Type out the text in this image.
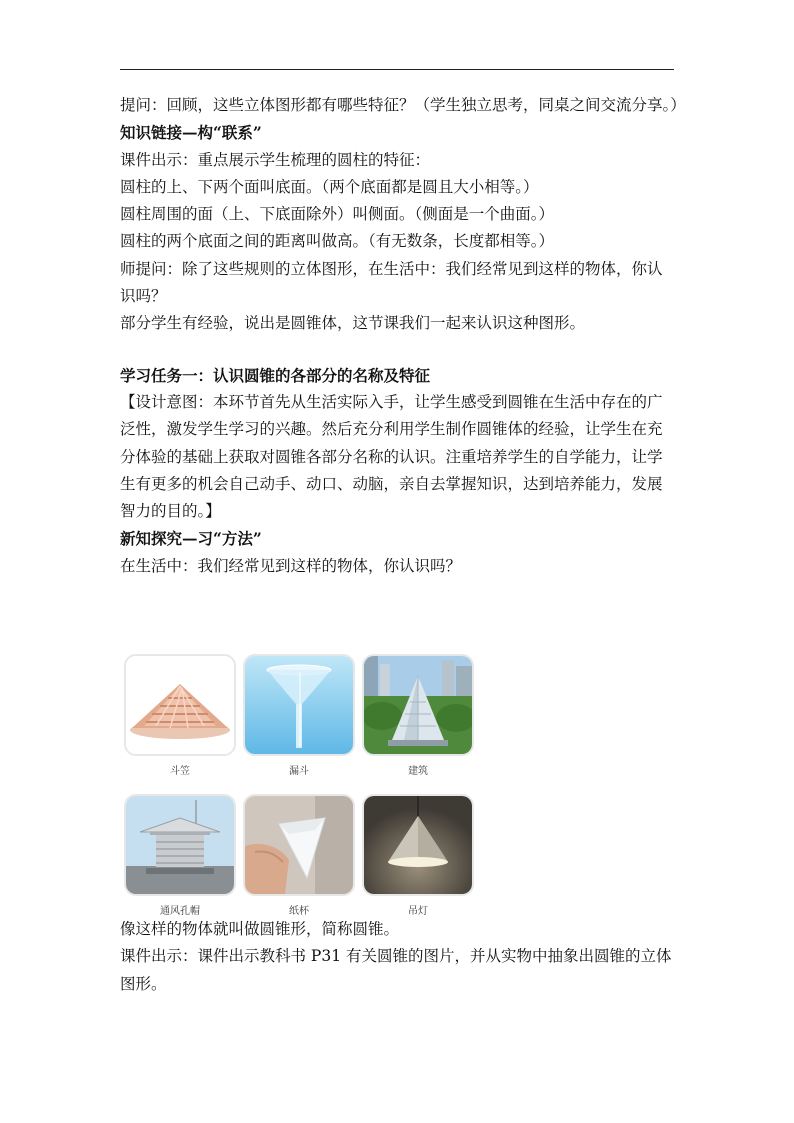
提问：回顾，这些立体图形都有哪些特征？（学生独立思考，同桌之间交流分享。）
知识链接—构“联系”
课件出示：重点展示学生梳理的圆柱的特征：
圆柱的上、下两个面叫底面。（两个底面都是圆且大小相等。）
圆柱周围的面（上、下底面除外）叫侧面。（侧面是一个曲面。）
圆柱的两个底面之间的距离叫做高。（有无数条，长度都相等。）
师提问：除了这些规则的立体图形，在生活中：我们经常见到这样的物体，你认
识吗？
部分学生有经验，说出是圆锥体，这节课我们一起来认识这种图形。
学习任务一：认识圆锥的各部分的名称及特征
【设计意图：本环节首先从生活实际入手，让学生感受到圆锥在生活中存在的广
泛性，激发学生学习的兴趣。然后充分利用学生制作圆锥体的经验，让学生在充
分体验的基础上获取对圆锥各部分名称的认识。注重培养学生的自学能力，让学
生有更多的机会自己动手、动口、动脑，亲自去掌握知识，达到培养能力，发展
智力的目的。】
新知探究—习“方法”
在生活中：我们经常见到这样的物体，你认识吗？
斗笠	漏斗	建筑
通风孔帽	纸杯	吊灯
像这样的物体就叫做圆锥形，简称圆锥。
课件出示：课件出示教科书 P31 有关圆锥的图片，并从实物中抽象出圆锥的立体
图形。
